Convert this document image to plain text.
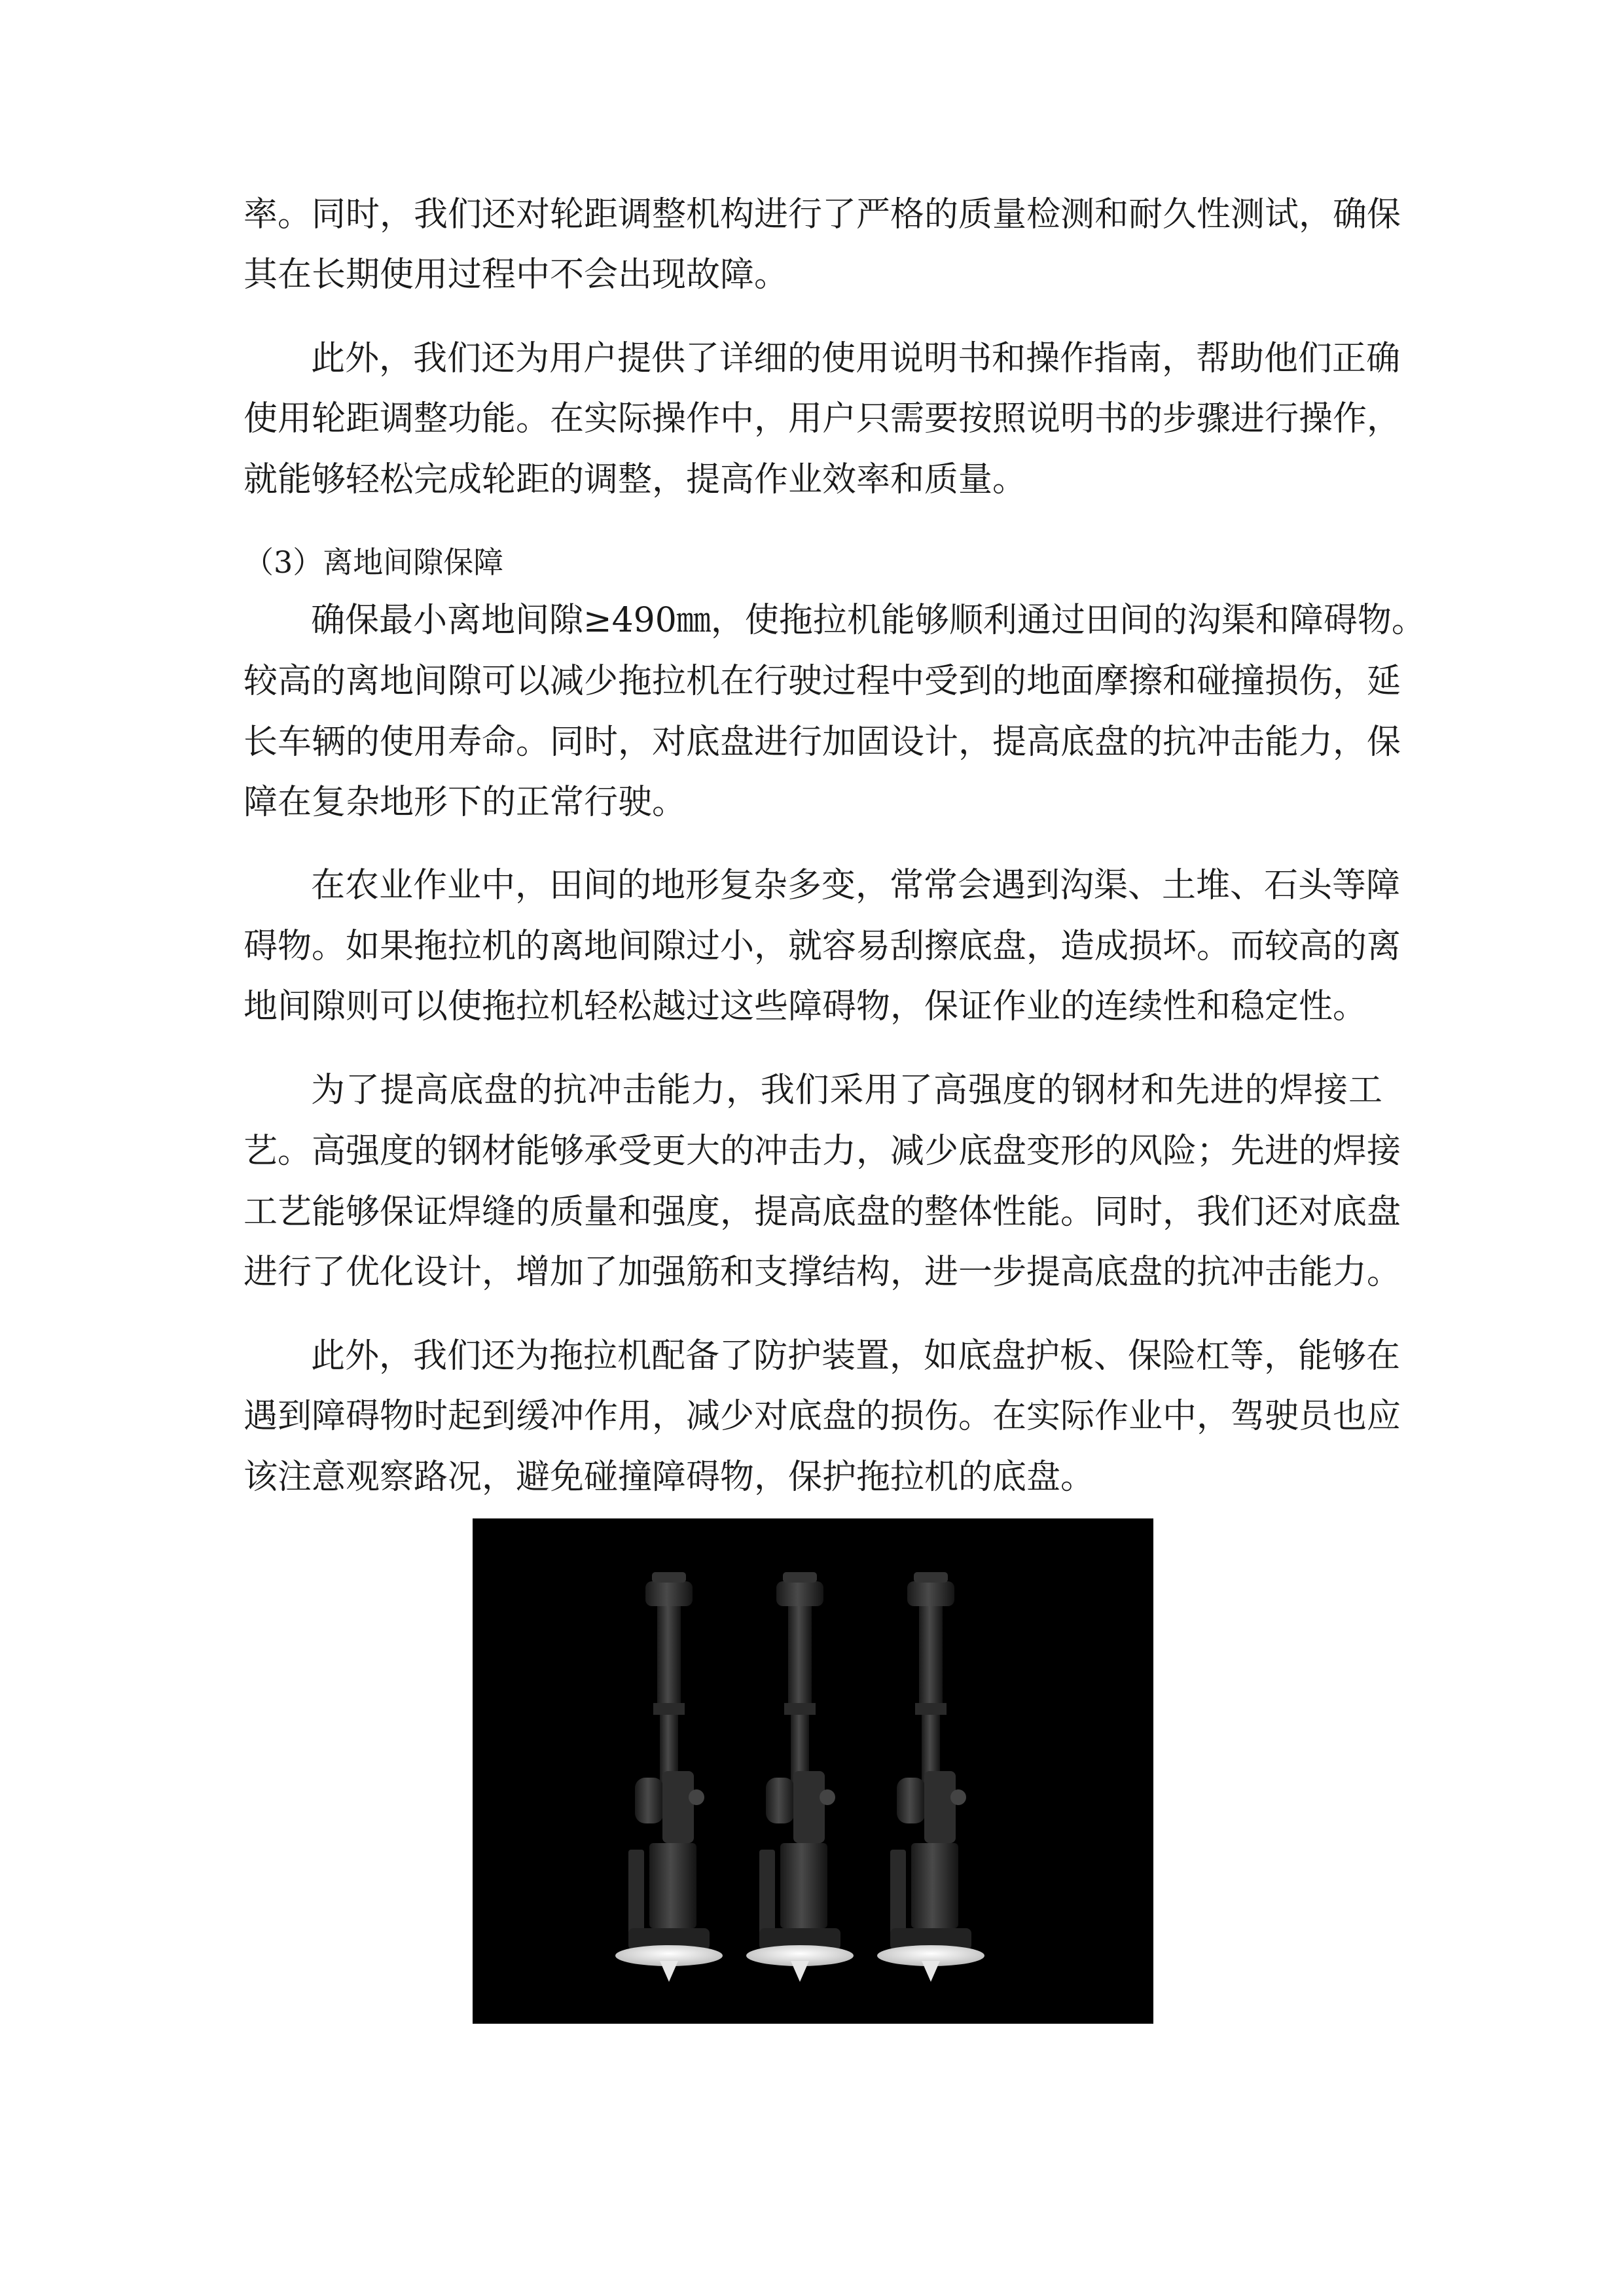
率。同时，我们还对轮距调整机构进行了严格的质量检测和耐久性测试，确保
其在长期使用过程中不会出现故障。
此外，我们还为用户提供了详细的使用说明书和操作指南，帮助他们正确
使用轮距调整功能。在实际操作中，用户只需要按照说明书的步骤进行操作，
就能够轻松完成轮距的调整，提高作业效率和质量。
（3）离地间隙保障
确保最小离地间隙≥490㎜，使拖拉机能够顺利通过田间的沟渠和障碍物。
较高的离地间隙可以减少拖拉机在行驶过程中受到的地面摩擦和碰撞损伤，延
长车辆的使用寿命。同时，对底盘进行加固设计，提高底盘的抗冲击能力，保
障在复杂地形下的正常行驶。
在农业作业中，田间的地形复杂多变，常常会遇到沟渠、土堆、石头等障
碍物。如果拖拉机的离地间隙过小，就容易刮擦底盘，造成损坏。而较高的离
地间隙则可以使拖拉机轻松越过这些障碍物，保证作业的连续性和稳定性。
为了提高底盘的抗冲击能力，我们采用了高强度的钢材和先进的焊接工
艺。高强度的钢材能够承受更大的冲击力，减少底盘变形的风险；先进的焊接
工艺能够保证焊缝的质量和强度，提高底盘的整体性能。同时，我们还对底盘
进行了优化设计，增加了加强筋和支撑结构，进一步提高底盘的抗冲击能力。
此外，我们还为拖拉机配备了防护装置，如底盘护板、保险杠等，能够在
遇到障碍物时起到缓冲作用，减少对底盘的损伤。在实际作业中，驾驶员也应
该注意观察路况，避免碰撞障碍物，保护拖拉机的底盘。
